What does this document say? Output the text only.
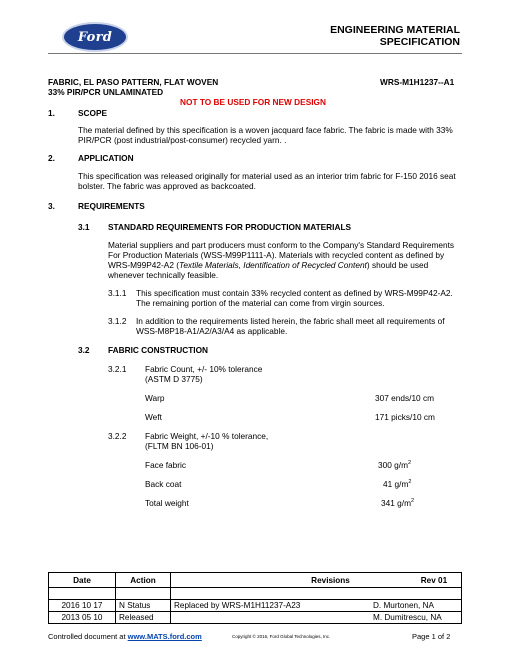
Ford	ENGINEERING MATERIAL SPECIFICATION
FABRIC, EL PASO PATTERN, FLAT WOVEN
33% PIR/PCR UNLAMINATED
WRS-M1H1237--A1
NOT TO BE USED FOR NEW DESIGN
1.	SCOPE
The material defined by this specification is a woven jacquard face fabric. The fabric is made with 33%
PIR/PCR (post industrial/post-consumer) recycled yarn. .
2.	APPLICATION
This specification was released originally for material used as an interior trim fabric for F-150 2016 seat
bolster. The fabric was approved as backcoated.
3.	REQUIREMENTS
3.1 STANDARD REQUIREMENTS FOR PRODUCTION MATERIALS
Material suppliers and part producers must conform to the Company's Standard Requirements
For Production Materials (WSS-M99P1111-A). Materials with recycled content as defined by
WRS-M99P42-A2 (Textile Materials, Identification of Recycled Content) should be used
whenever technically feasible.
3.1.1 This specification must contain 33% recycled content as defined by WRS-M99P42-A2.
The remaining portion of the material can come from virgin sources.
3.1.2 In addition to the requirements listed herein, the fabric shall meet all requirements of
WSS-M8P18-A1/A2/A3/A4 as applicable.
3.2 FABRIC CONSTRUCTION
3.2.1 Fabric Count, +/- 10% tolerance
(ASTM D 3775)
Warp	307 ends/10 cm
Weft	171 picks/10 cm
3.2.2 Fabric Weight, +/-10 % tolerance,
(FLTM BN 106-01)
Face fabric	300 $g/m^2$
Back coat	41 $g/m^2$
Total weight	341 $g/m^2$
Date	Action	Revisions Rev 01	

2016 10 17	N Status	Replaced by WRS-M1H11237-A23	D. Murtonen, NA
2013 05 10	Released		M. Dumitrescu, NA
Controlled document at www.MATS.ford.com	Copyright © 2016, Ford Global Technologies, Inc.	Page 1 of 2
